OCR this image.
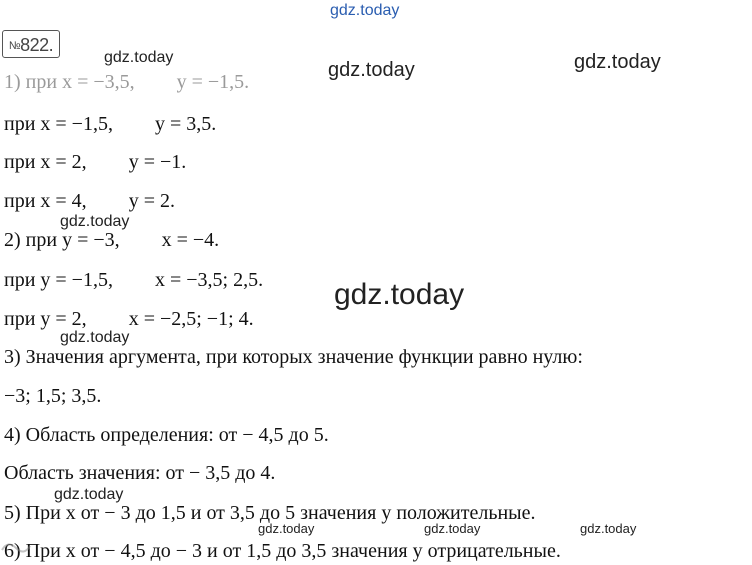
№822.
1) при x = −3,5, y = −1,5.
при x = −1,5, y = 3,5.
при x = 2, y = −1.
при x = 4, y = 2.
2) при y = −3, x = −4.
при y = −1,5, x = −3,5; 2,5.
при y = 2, x = −2,5; −1; 4.
3) Значения аргумента, при которых значение функции равно нулю:
−3; 1,5; 3,5.
4) Область определения: от − 4,5 до 5.
Область значения: от − 3,5 до 4.
5) При x от − 3 до 1,5 и от 3,5 до 5 значения y положительные.
6) При x от − 4,5 до − 3 и от 1,5 до 3,5 значения y отрицательные.
gdz.today
gdz.today
gdz.today	gdz.today
gdz.today
gdz.today
gdz.today
gdz.today
gdz.today	gdz.today	gdz.today
